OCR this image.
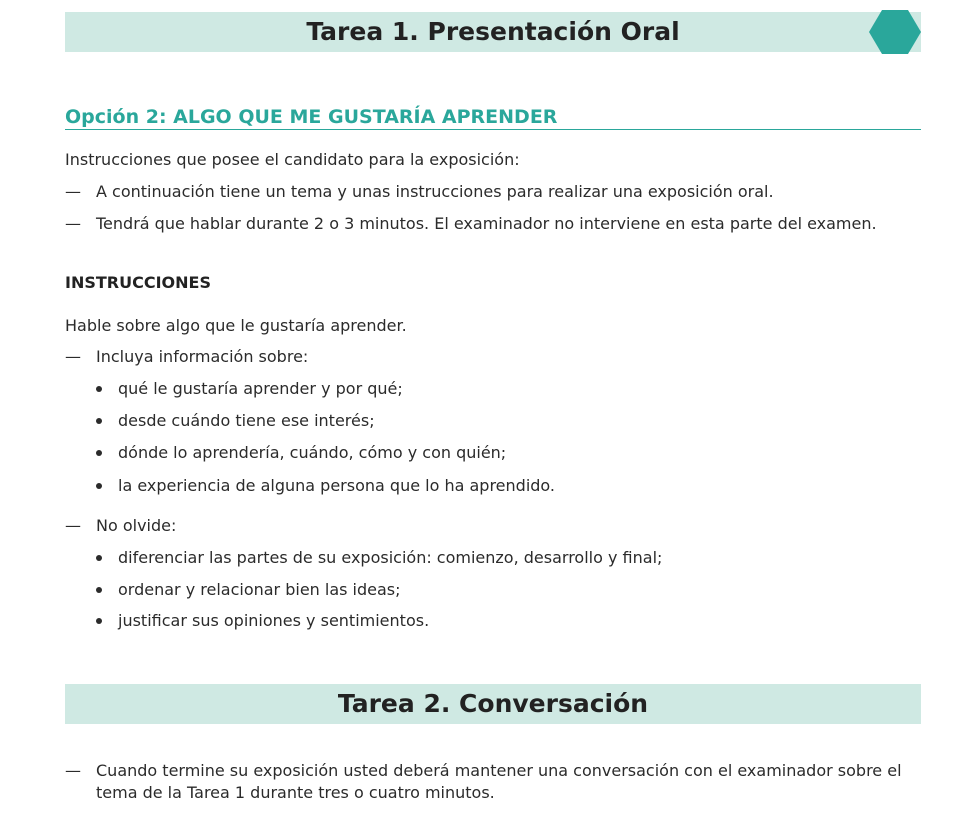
Tarea 1. Presentación Oral
Opción 2: ALGO QUE ME GUSTARÍA APRENDER
Instrucciones que posee el candidato para la exposición:
— A continuación tiene un tema y unas instrucciones para realizar una exposición oral.
— Tendrá que hablar durante 2 o 3 minutos. El examinador no interviene en esta parte del examen.
INSTRUCCIONES
Hable sobre algo que le gustaría aprender.
— Incluya información sobre:
qué le gustaría aprender y por qué;
desde cuándo tiene ese interés;
dónde lo aprendería, cuándo, cómo y con quién;
la experiencia de alguna persona que lo ha aprendido.
— No olvide:
diferenciar las partes de su exposición: comienzo, desarrollo y final;
ordenar y relacionar bien las ideas;
justificar sus opiniones y sentimientos.
Tarea 2. Conversación
— Cuando termine su exposición usted deberá mantener una conversación con el examinador sobre el tema de la Tarea 1 durante tres o cuatro minutos.
